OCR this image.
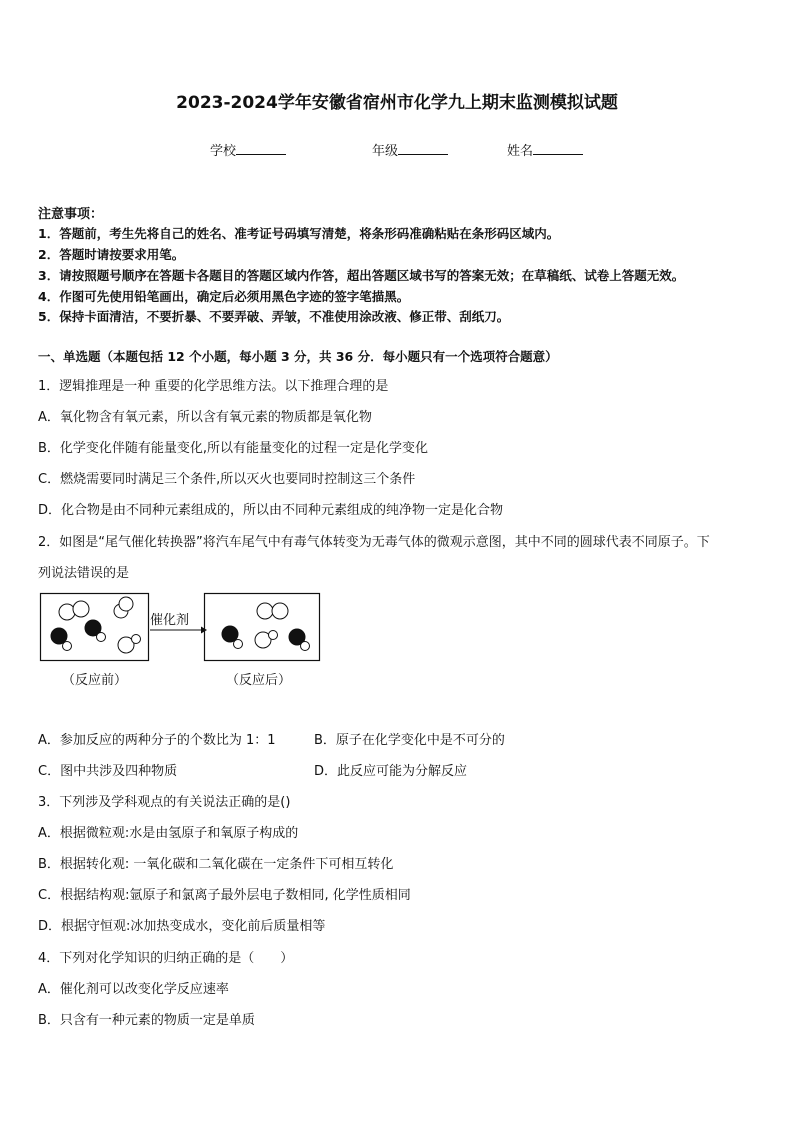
2023-2024学年安徽省宿州市化学九上期末监测模拟试题
学校	年级	姓名
注意事项：
1．答题前，考生先将自己的姓名、准考证号码填写清楚，将条形码准确粘贴在条形码区域内。
2．答题时请按要求用笔。
3．请按照题号顺序在答题卡各题目的答题区域内作答，超出答题区域书写的答案无效；在草稿纸、试卷上答题无效。
4．作图可先使用铅笔画出，确定后必须用黑色字迹的签字笔描黑。
5．保持卡面清洁，不要折暴、不要弄破、弄皱，不准使用涂改液、修正带、刮纸刀。
一、单选题（本题包括 12 个小题，每小题 3 分，共 36 分．每小题只有一个选项符合题意）
1．逻辑推理是一种 重要的化学思维方法。以下推理合理的是
A．氧化物含有氧元素，所以含有氧元素的物质都是氧化物
B．化学变化伴随有能量变化,所以有能量变化的过程一定是化学变化
C．燃烧需要同时满足三个条件,所以灭火也要同时控制这三个条件
D．化合物是由不同种元素组成的，所以由不同种元素组成的纯净物一定是化合物
2．如图是“尾气催化转换器”将汽车尾气中有毒气体转变为无毒气体的微观示意图，其中不同的圆球代表不同原子。下
列说法错误的是
催化剂
（反应前）	（反应后）
A．参加反应的两种分子的个数比为 1：1	B．原子在化学变化中是不可分的
C．图中共涉及四种物质	D．此反应可能为分解反应
3．下列涉及学科观点的有关说法正确的是()
A．根据微粒观:水是由氢原子和氧原子构成的
B．根据转化观: 一氧化碳和二氧化碳在一定条件下可相互转化
C．根据结构观:氩原子和氯离子最外层电子数相同, 化学性质相同
D．根据守恒观:冰加热变成水，变化前后质量相等
4．下列对化学知识的归纳正确的是（　　）
A．催化剂可以改变化学反应速率
B．只含有一种元素的物质一定是单质
